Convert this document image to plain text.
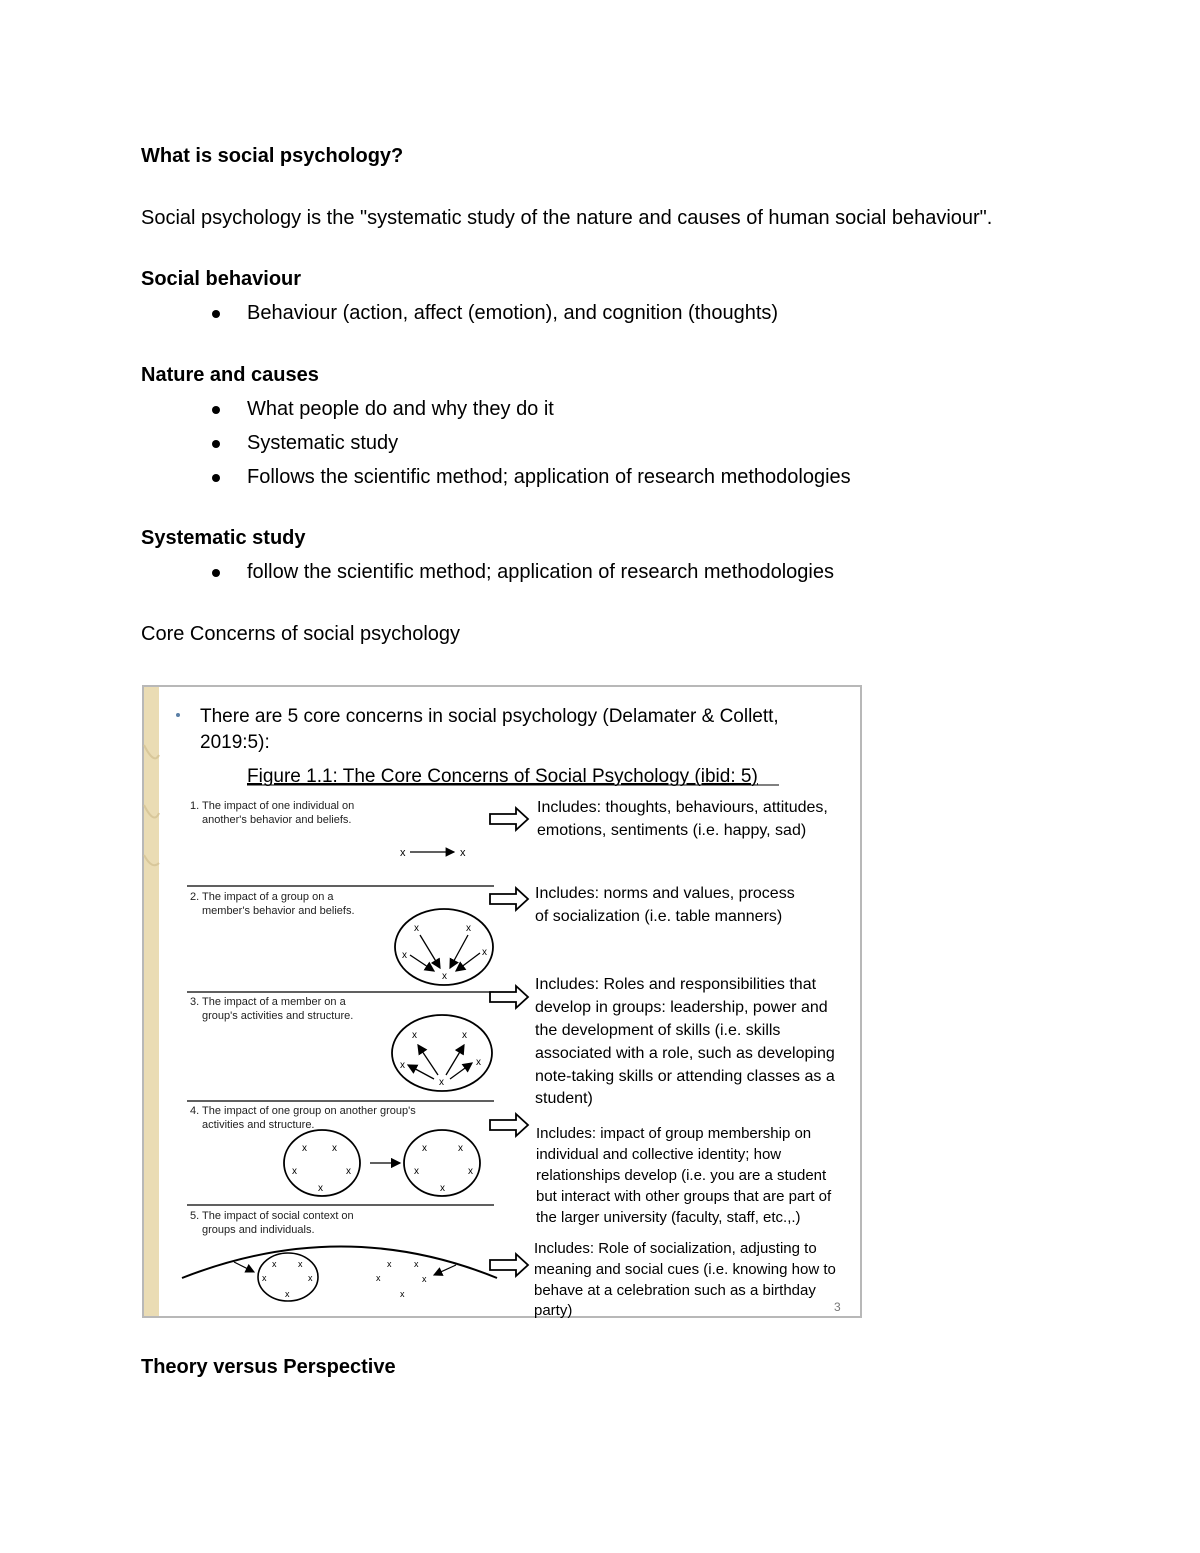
What is social psychology?
Social psychology is the "systematic study of the nature and causes of human social behaviour".
Social behaviour
Behaviour (action, affect (emotion), and cognition (thoughts)
Nature and causes
What people do and why they do it
Systematic study
Follows the scientific method; application of research methodologies
Systematic study
follow the scientific method; application of research methodologies
Core Concerns of social psychology
There are 5 core concerns in social psychology (Delamater & Collett,
2019:5):
Figure 1.1: The Core Concerns of Social Psychology (ibid: 5)
1. The impact of one individual on
another's behavior and beliefs.
x	x
2. The impact of a group on a
member's behavior and beliefs.
x	x
x	x
x
3. The impact of a member on a
group's activities and structure.
x	x
x	x
x
4. The impact of one group on another group's
activities and structure.
x	x
x	x
x
x	x
x	x
x
5. The impact of social context on
groups and individuals.
x x
x	x
x
x	x
x	x
x
Includes: thoughts, behaviours, attitudes,
emotions, sentiments (i.e. happy, sad)
Includes: norms and values, process
of socialization (i.e. table manners)
Includes: Roles and responsibilities that
develop in groups: leadership, power and
the development of skills (i.e. skills
associated with a role, such as developing
note-taking skills or attending classes as a
student)
Includes: impact of group membership on
individual and collective identity; how
relationships develop (i.e. you are a student
but interact with other groups that are part of
the larger university (faculty, staff, etc.,.)
Includes: Role of socialization, adjusting to
meaning and social cues (i.e. knowing how to
behave at a celebration such as a birthday
party)	3
Theory versus Perspective
